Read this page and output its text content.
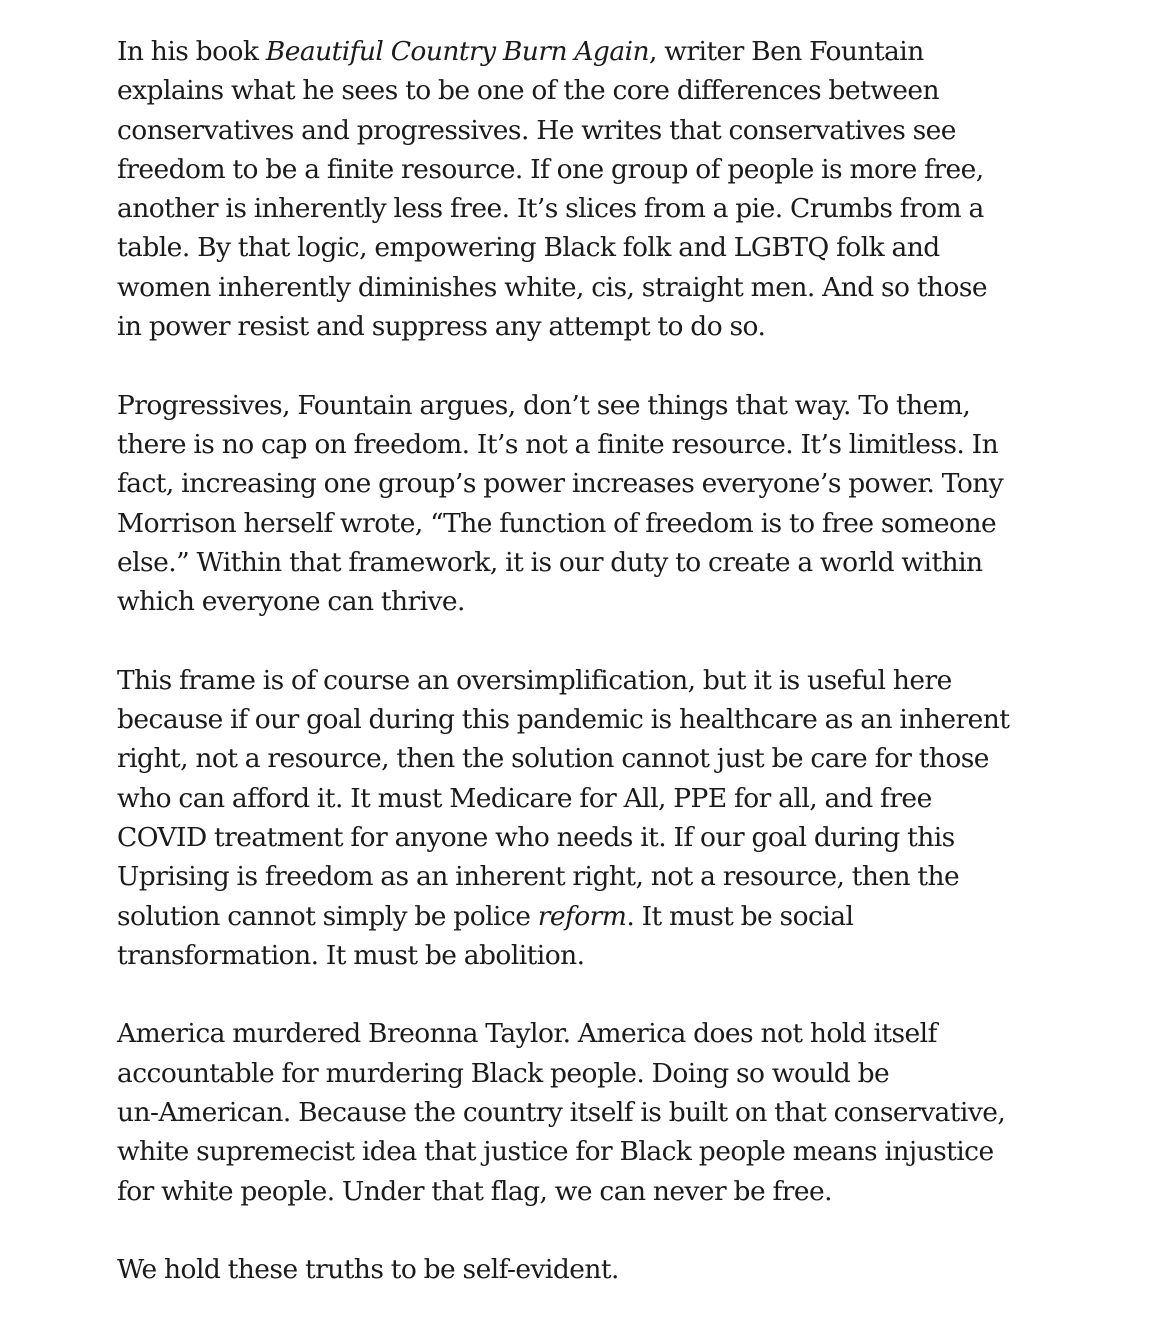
In his book Beautiful Country Burn Again, writer Ben Fountain
explains what he sees to be one of the core differences between
conservatives and progressives. He writes that conservatives see
freedom to be a finite resource. If one group of people is more free,
another is inherently less free. It’s slices from a pie. Crumbs from a
table. By that logic, empowering Black folk and LGBTQ folk and
women inherently diminishes white, cis, straight men. And so those
in power resist and suppress any attempt to do so.
Progressives, Fountain argues, don’t see things that way. To them,
there is no cap on freedom. It’s not a finite resource. It’s limitless. In
fact, increasing one group’s power increases everyone’s power. Tony
Morrison herself wrote, “The function of freedom is to free someone
else.” Within that framework, it is our duty to create a world within
which everyone can thrive.
This frame is of course an oversimplification, but it is useful here
because if our goal during this pandemic is healthcare as an inherent
right, not a resource, then the solution cannot just be care for those
who can afford it. It must Medicare for All, PPE for all, and free
COVID treatment for anyone who needs it. If our goal during this
Uprising is freedom as an inherent right, not a resource, then the
solution cannot simply be police reform. It must be social
transformation. It must be abolition.
America murdered Breonna Taylor. America does not hold itself
accountable for murdering Black people. Doing so would be
un-American. Because the country itself is built on that conservative,
white supremecist idea that justice for Black people means injustice
for white people. Under that flag, we can never be free.
We hold these truths to be self-evident.
